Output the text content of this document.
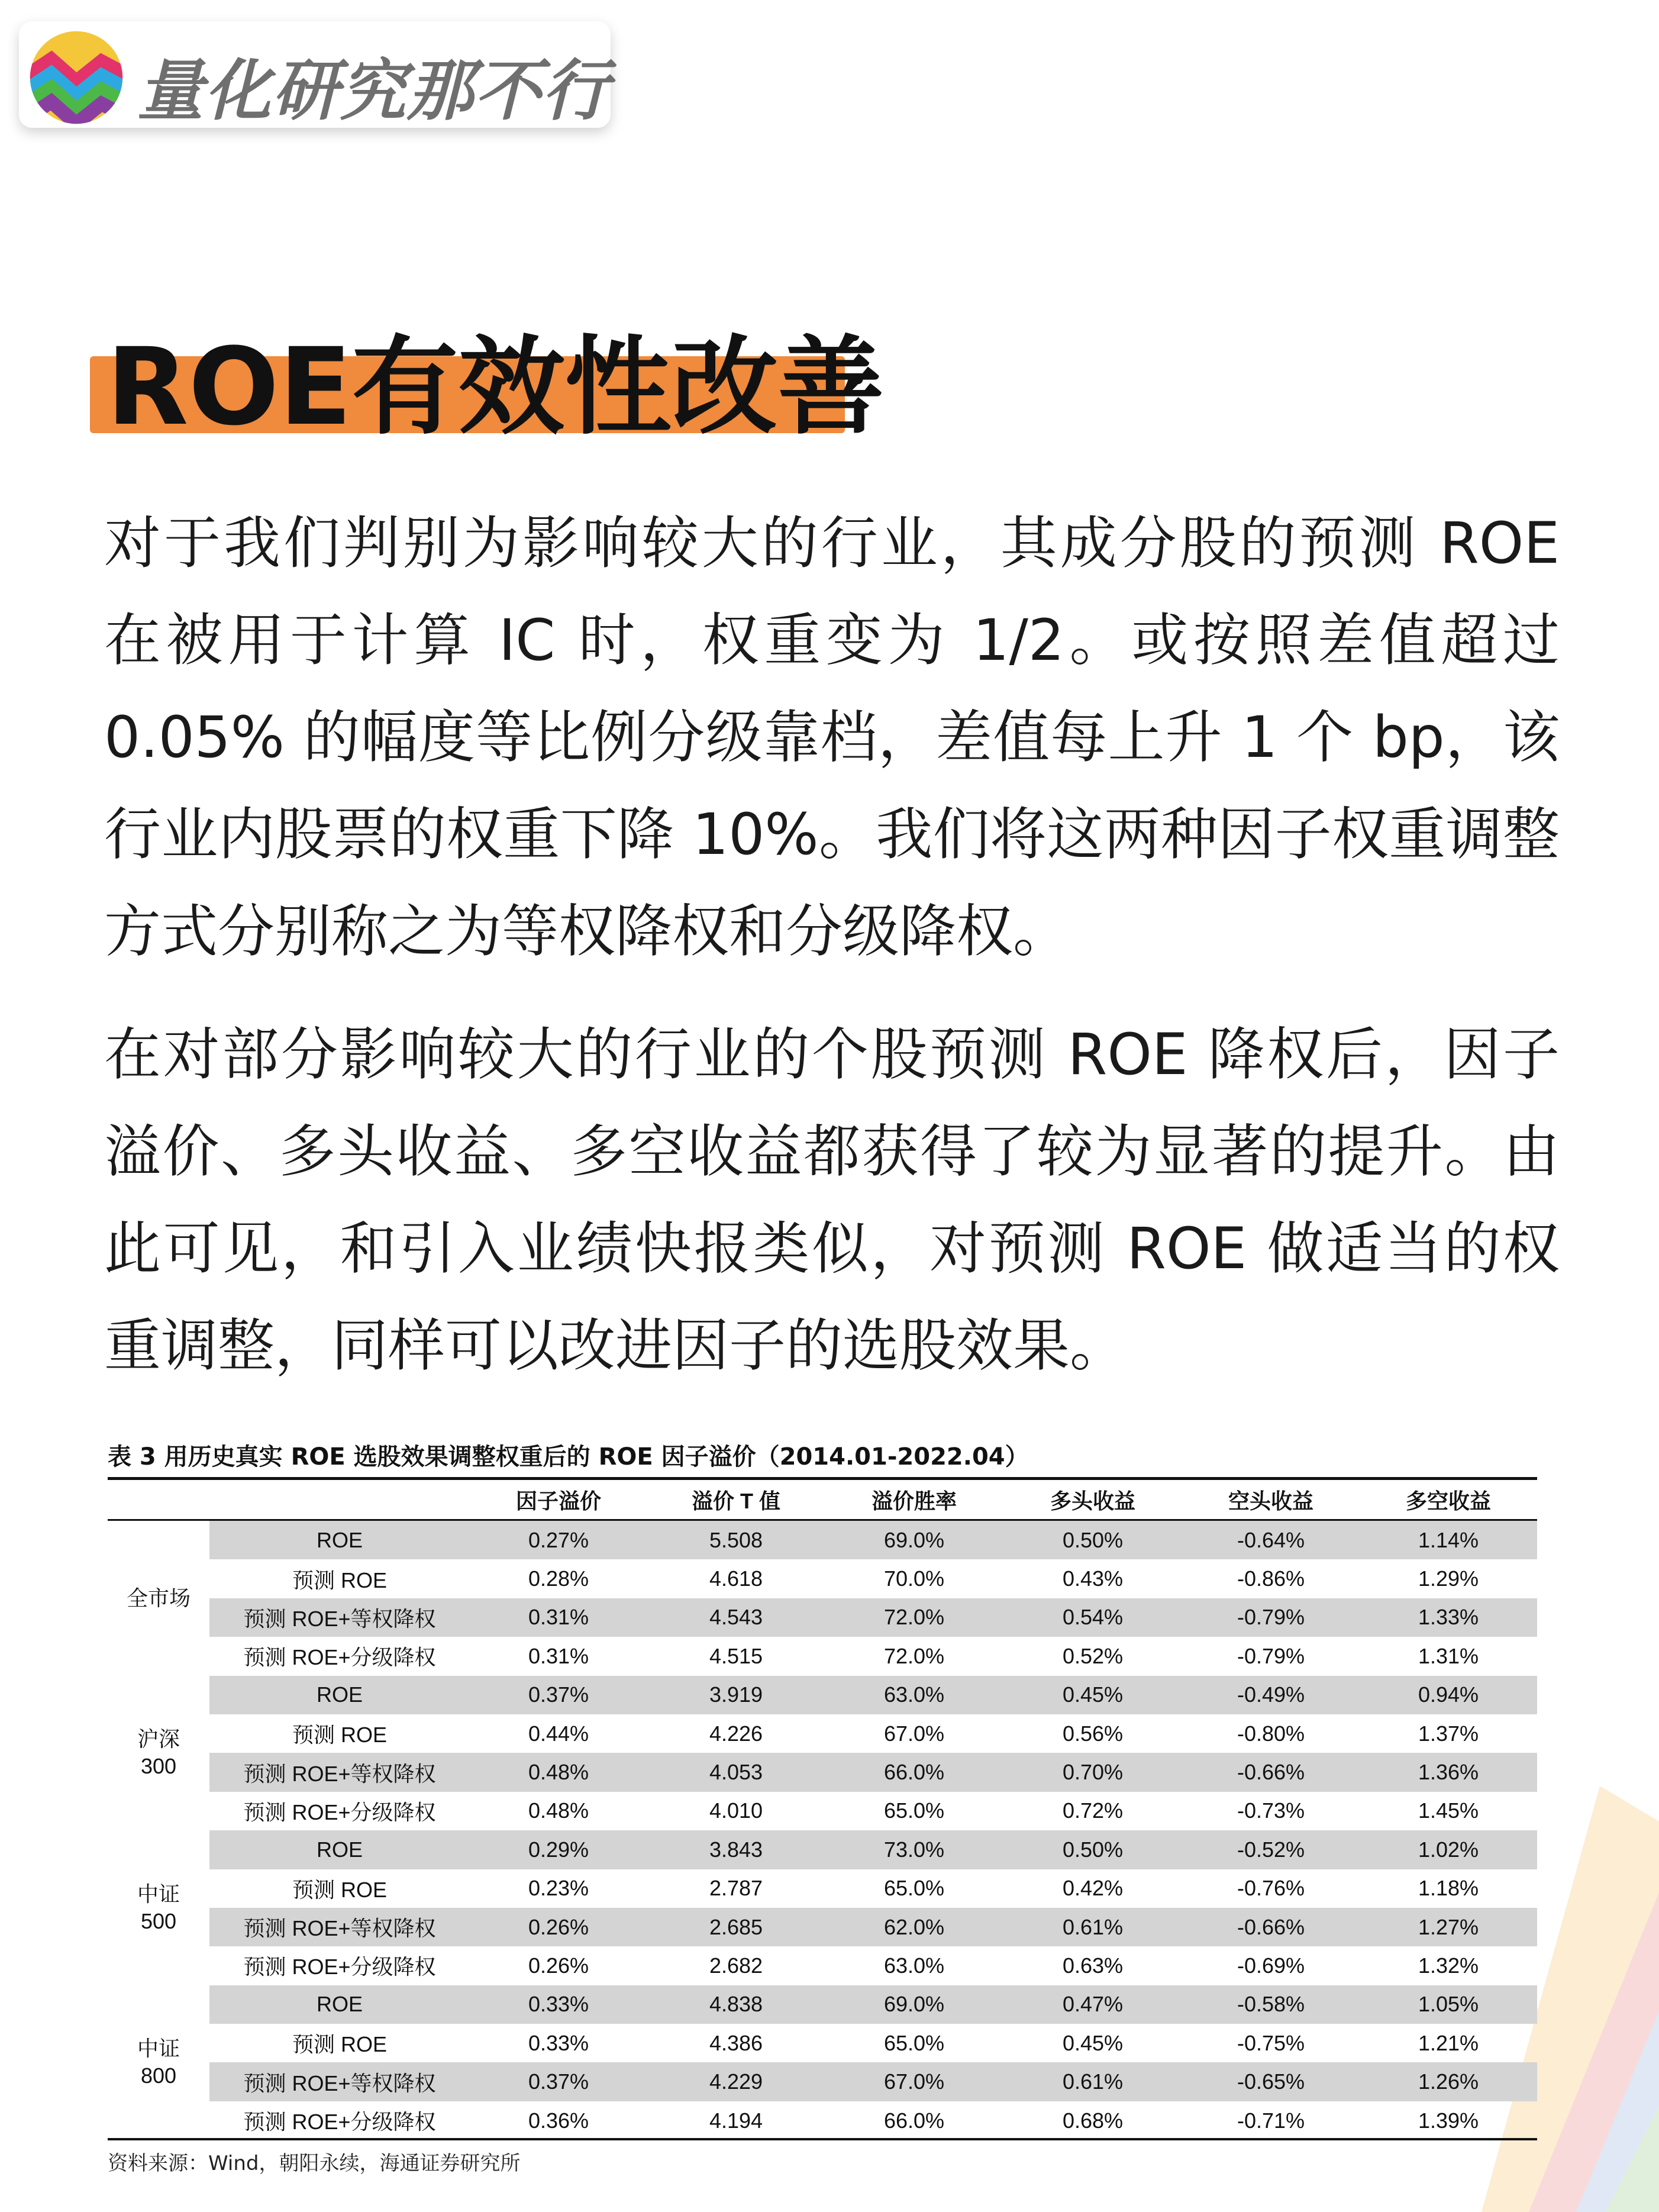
量化研究那不行
ROE有效性改善
对于我们判别为影响较大的行业，其成分股的预测 ROE 在被用于计算 IC 时，权重变为 1/2。或按照差值超过 0.05% 的幅度等比例分级靠档，差值每上升 1 个 bp，该行业内股票的权重下降 10%。我们将这两种因子权重调整方式分别称之为等权降权和分级降权。
在对部分影响较大的行业的个股预测 ROE 降权后，因子溢价、多头收益、多空收益都获得了较为显著的提升。由此可见，和引入业绩快报类似，对预测 ROE 做适当的权重调整，同样可以改进因子的选股效果。
表 3 用历史真实 ROE 选股效果调整权重后的 ROE 因子溢价（2014.01-2022.04）
		因子溢价	溢价 T 值	溢价胜率	多头收益	空头收益	多空收益
全市场	ROE	0.27%	5.508	69.0%	0.50%	-0.64%	1.14%
	预测 ROE	0.28%	4.618	70.0%	0.43%	-0.86%	1.29%
	预测 ROE+等权降权	0.31%	4.543	72.0%	0.54%	-0.79%	1.33%
	预测 ROE+分级降权	0.31%	4.515	72.0%	0.52%	-0.79%	1.31%
沪深
300	ROE	0.37%	3.919	63.0%	0.45%	-0.49%	0.94%
	预测 ROE	0.44%	4.226	67.0%	0.56%	-0.80%	1.37%
	预测 ROE+等权降权	0.48%	4.053	66.0%	0.70%	-0.66%	1.36%
	预测 ROE+分级降权	0.48%	4.010	65.0%	0.72%	-0.73%	1.45%
中证
500	ROE	0.29%	3.843	73.0%	0.50%	-0.52%	1.02%
	预测 ROE	0.23%	2.787	65.0%	0.42%	-0.76%	1.18%
	预测 ROE+等权降权	0.26%	2.685	62.0%	0.61%	-0.66%	1.27%
	预测 ROE+分级降权	0.26%	2.682	63.0%	0.63%	-0.69%	1.32%
中证
800	ROE	0.33%	4.838	69.0%	0.47%	-0.58%	1.05%
	预测 ROE	0.33%	4.386	65.0%	0.45%	-0.75%	1.21%
	预测 ROE+等权降权	0.37%	4.229	67.0%	0.61%	-0.65%	1.26%
	预测 ROE+分级降权	0.36%	4.194	66.0%	0.68%	-0.71%	1.39%
资料来源：Wind，朝阳永续，海通证券研究所
